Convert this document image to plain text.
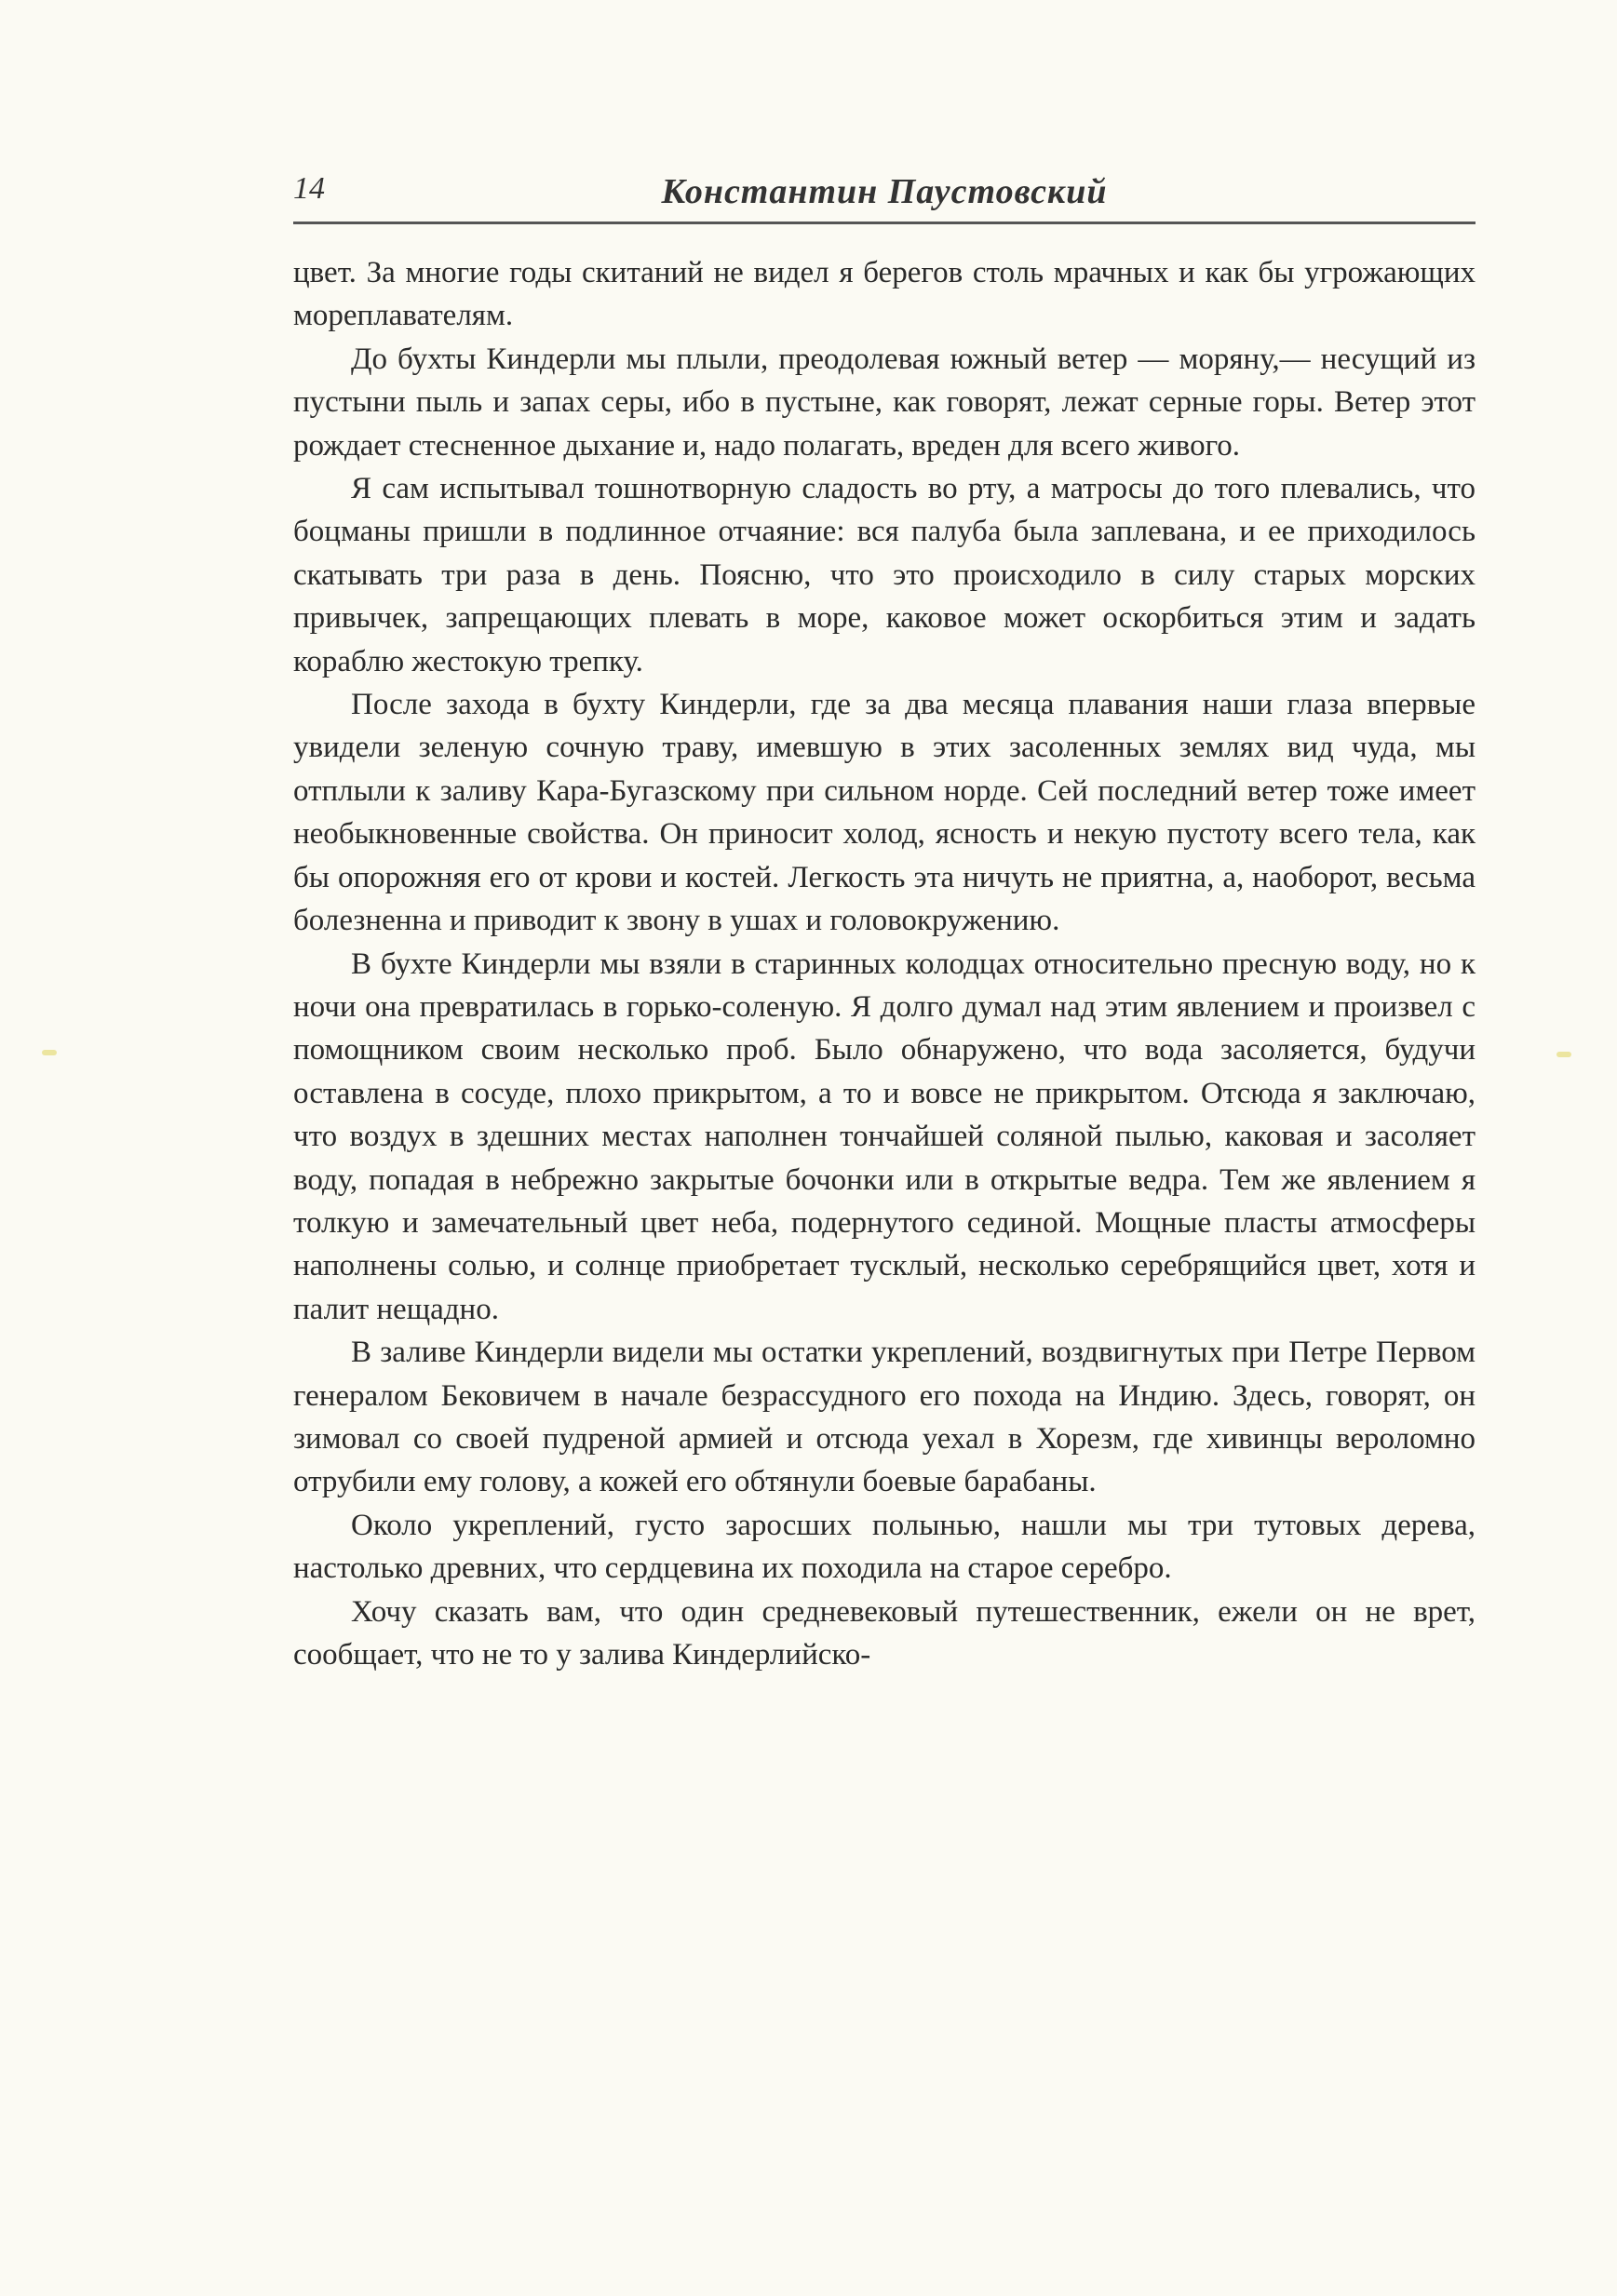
14	Константин Паустовский

цвет. За многие годы скитаний не видел я берегов столь мрачных и как бы угрожающих мореплавателям.

До бухты Киндерли мы плыли, преодолевая южный ветер — моряну,— несущий из пустыни пыль и запах серы, ибо в пустыне, как говорят, лежат серные горы. Ветер этот рождает стесненное дыхание и, надо полагать, вреден для всего живого.

Я сам испытывал тошнотворную сладость во рту, а матросы до того плевались, что боцманы пришли в подлинное отчаяние: вся палуба была заплевана, и ее приходилось скатывать три раза в день. Поясню, что это происходило в силу старых морских привычек, запрещающих плевать в море, каковое может оскорбиться этим и задать кораблю жестокую трепку.

После захода в бухту Киндерли, где за два месяца плавания наши глаза впервые увидели зеленую сочную траву, имевшую в этих засоленных землях вид чуда, мы отплыли к заливу Кара-Бугазскому при сильном норде. Сей последний ветер тоже имеет необыкновенные свойства. Он приносит холод, ясность и некую пустоту всего тела, как бы опорожняя его от крови и костей. Легкость эта ничуть не приятна, а, наоборот, весьма болезненна и приводит к звону в ушах и головокружению.

В бухте Киндерли мы взяли в старинных колодцах относительно пресную воду, но к ночи она превратилась в горько-соленую. Я долго думал над этим явлением и произвел с помощником своим несколько проб. Было обнаружено, что вода засоляется, будучи оставлена в сосуде, плохо прикрытом, а то и вовсе не прикрытом. Отсюда я заключаю, что воздух в здешних местах наполнен тончайшей соляной пылью, каковая и засоляет воду, попадая в небрежно закрытые бочонки или в открытые ведра. Тем же явлением я толкую и замечательный цвет неба, подернутого сединой. Мощные пласты атмосферы наполнены солью, и солнце приобретает тусклый, несколько серебрящийся цвет, хотя и палит нещадно.

В заливе Киндерли видели мы остатки укреплений, воздвигнутых при Петре Первом генералом Бековичем в начале безрассудного его похода на Индию. Здесь, говорят, он зимовал со своей пудреной армией и отсюда уехал в Хорезм, где хивинцы вероломно отрубили ему голову, а кожей его обтянули боевые барабаны.

Около укреплений, густо заросших полынью, нашли мы три тутовых дерева, настолько древних, что сердцевина их походила на старое серебро.

Хочу сказать вам, что один средневековый путешественник, ежели он не врет, сообщает, что не то у залива Киндерлийско-
